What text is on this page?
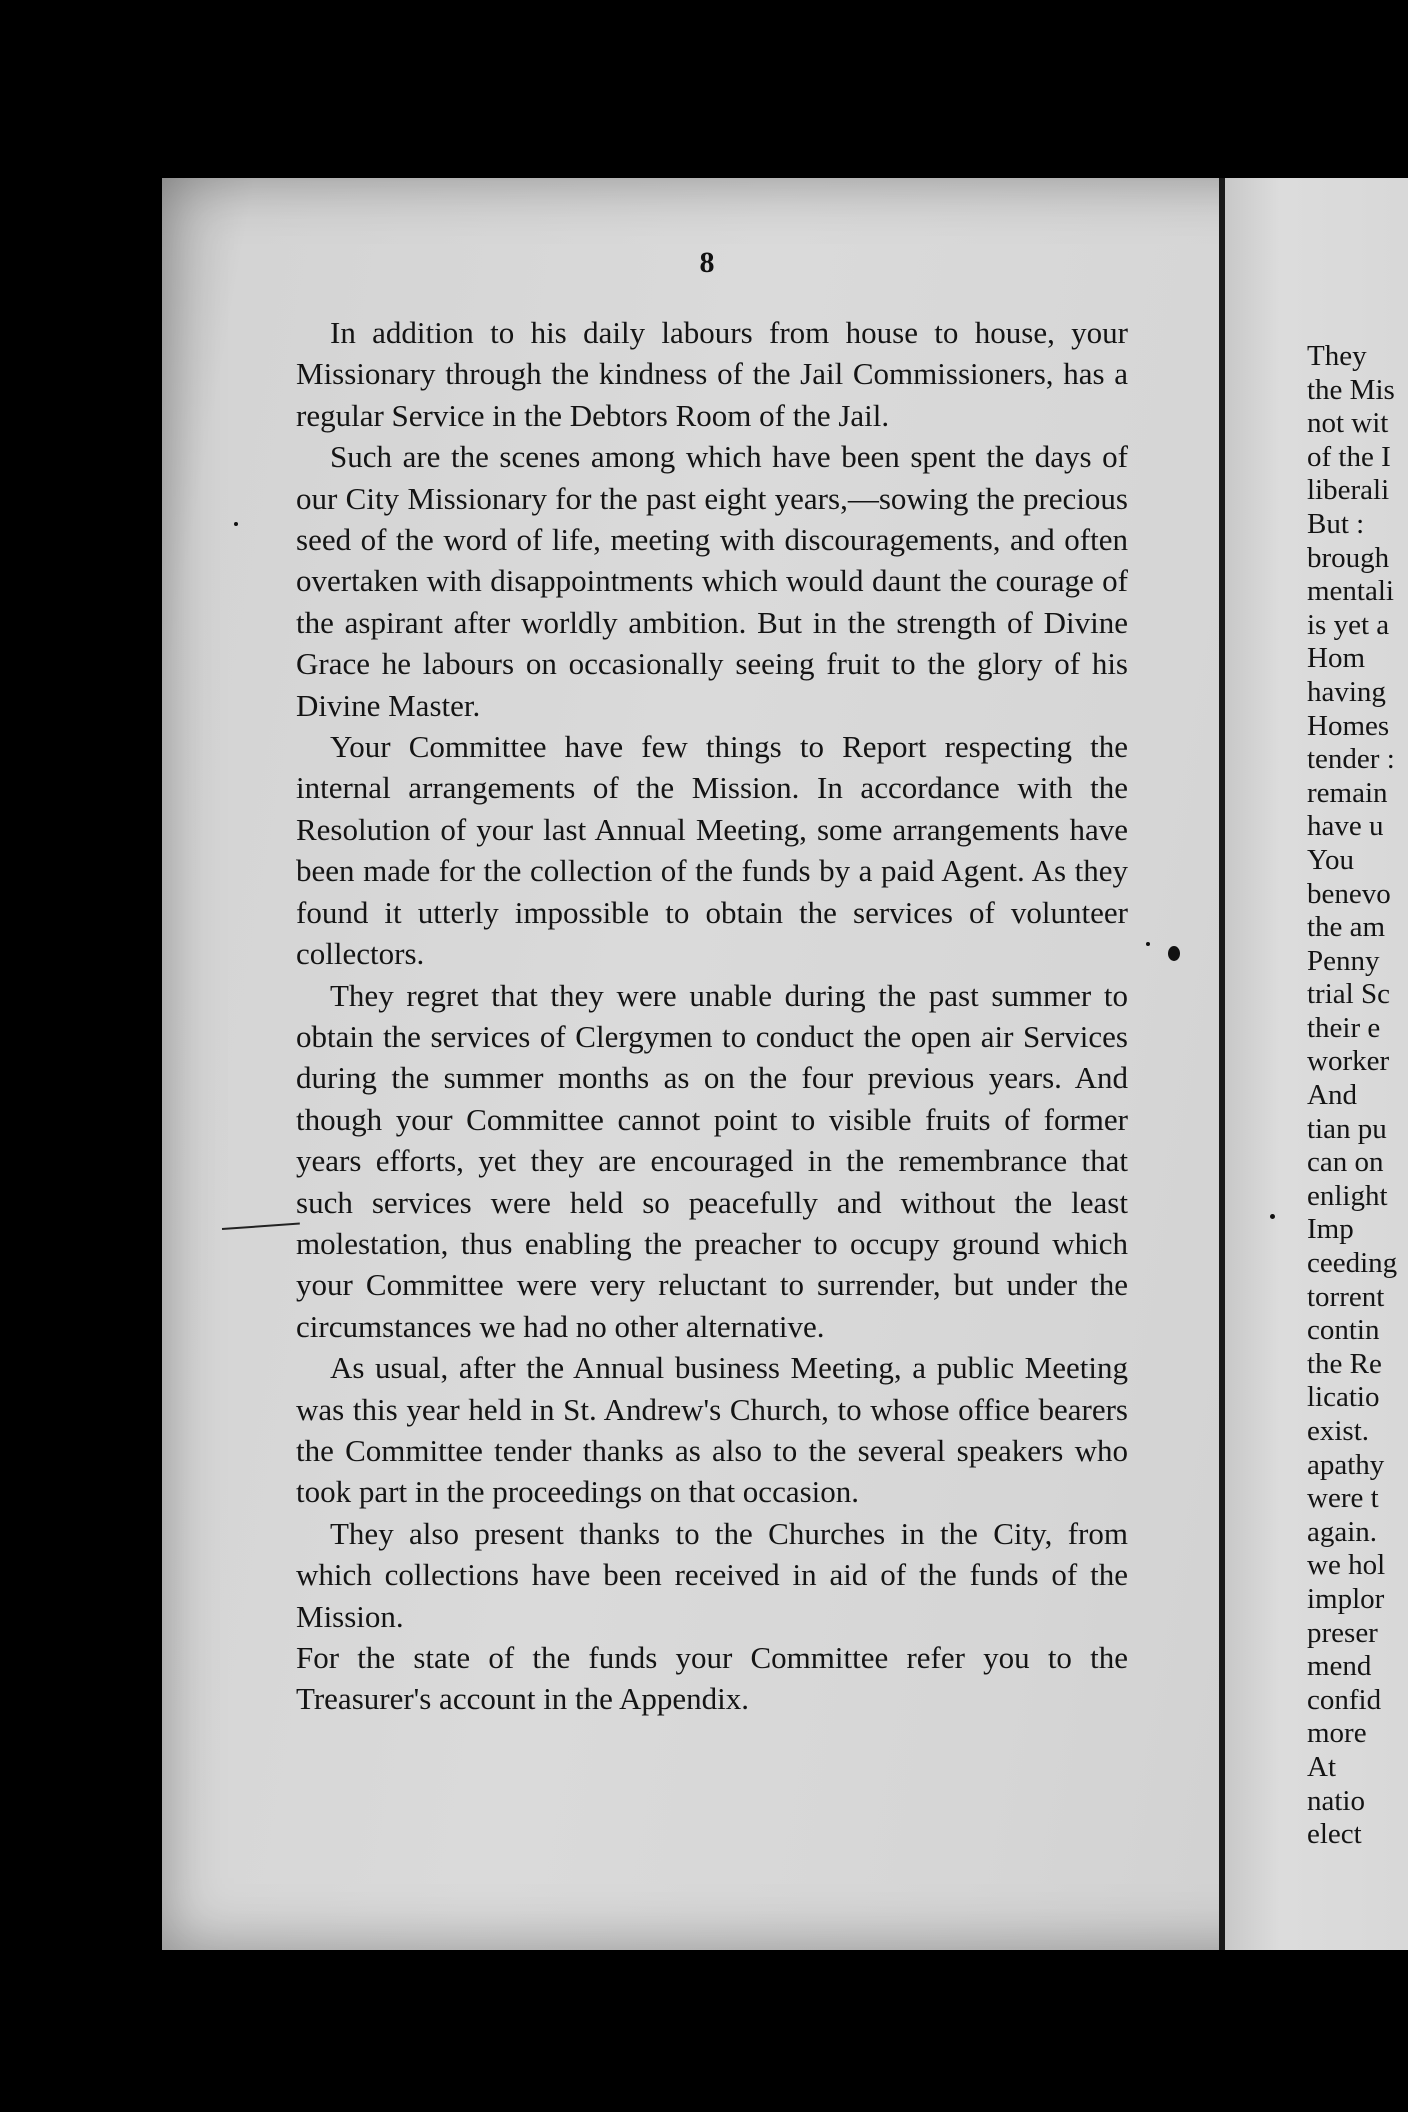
8

In addition to his daily labours from house to house, your Missionary through the kindness of the Jail Commissioners, has a regular Service in the Debtors Room of the Jail.

Such are the scenes among which have been spent the days of our City Missionary for the past eight years,—sowing the precious seed of the word of life, meeting with discouragements, and often overtaken with disappointments which would daunt the courage of the aspirant after worldly ambition. But in the strength of Divine Grace he labours on occasionally seeing fruit to the glory of his Divine Master.

Your Committee have few things to Report respecting the internal arrangements of the Mission. In accordance with the Resolution of your last Annual Meeting, some arrangements have been made for the collection of the funds by a paid Agent. As they found it utterly impossible to obtain the services of volunteer collectors.

They regret that they were unable during the past summer to obtain the services of Clergymen to conduct the open air Services during the summer months as on the four previous years. And though your Committee cannot point to visible fruits of former years efforts, yet they are encouraged in the remembrance that such services were held so peacefully and without the least molestation, thus enabling the preacher to occupy ground which your Committee were very reluctant to surrender, but under the circumstances we had no other alternative.

As usual, after the Annual business Meeting, a public Meeting was this year held in St. Andrew's Church, to whose office bearers the Committee tender thanks as also to the several speakers who took part in the proceedings on that occasion.

They also present thanks to the Churches in the City, from which collections have been received in aid of the funds of the Mission.

For the state of the funds your Committee refer you to the Treasurer's account in the Appendix.

They
the Mis
not wit
of the I
liberali
But :
brough
mentali
is yet a
Hom
having
Homes
tender :
remain
have u
You
benevo
the am
Penny
trial Sc
their e
worker
And
tian pu
can on
enlight
Imp
ceeding
torrent
contin
the Re
licatio
exist.
apathy
were t
again.
we hol
implor
preser
mend
confid
more
At
natio
elect
